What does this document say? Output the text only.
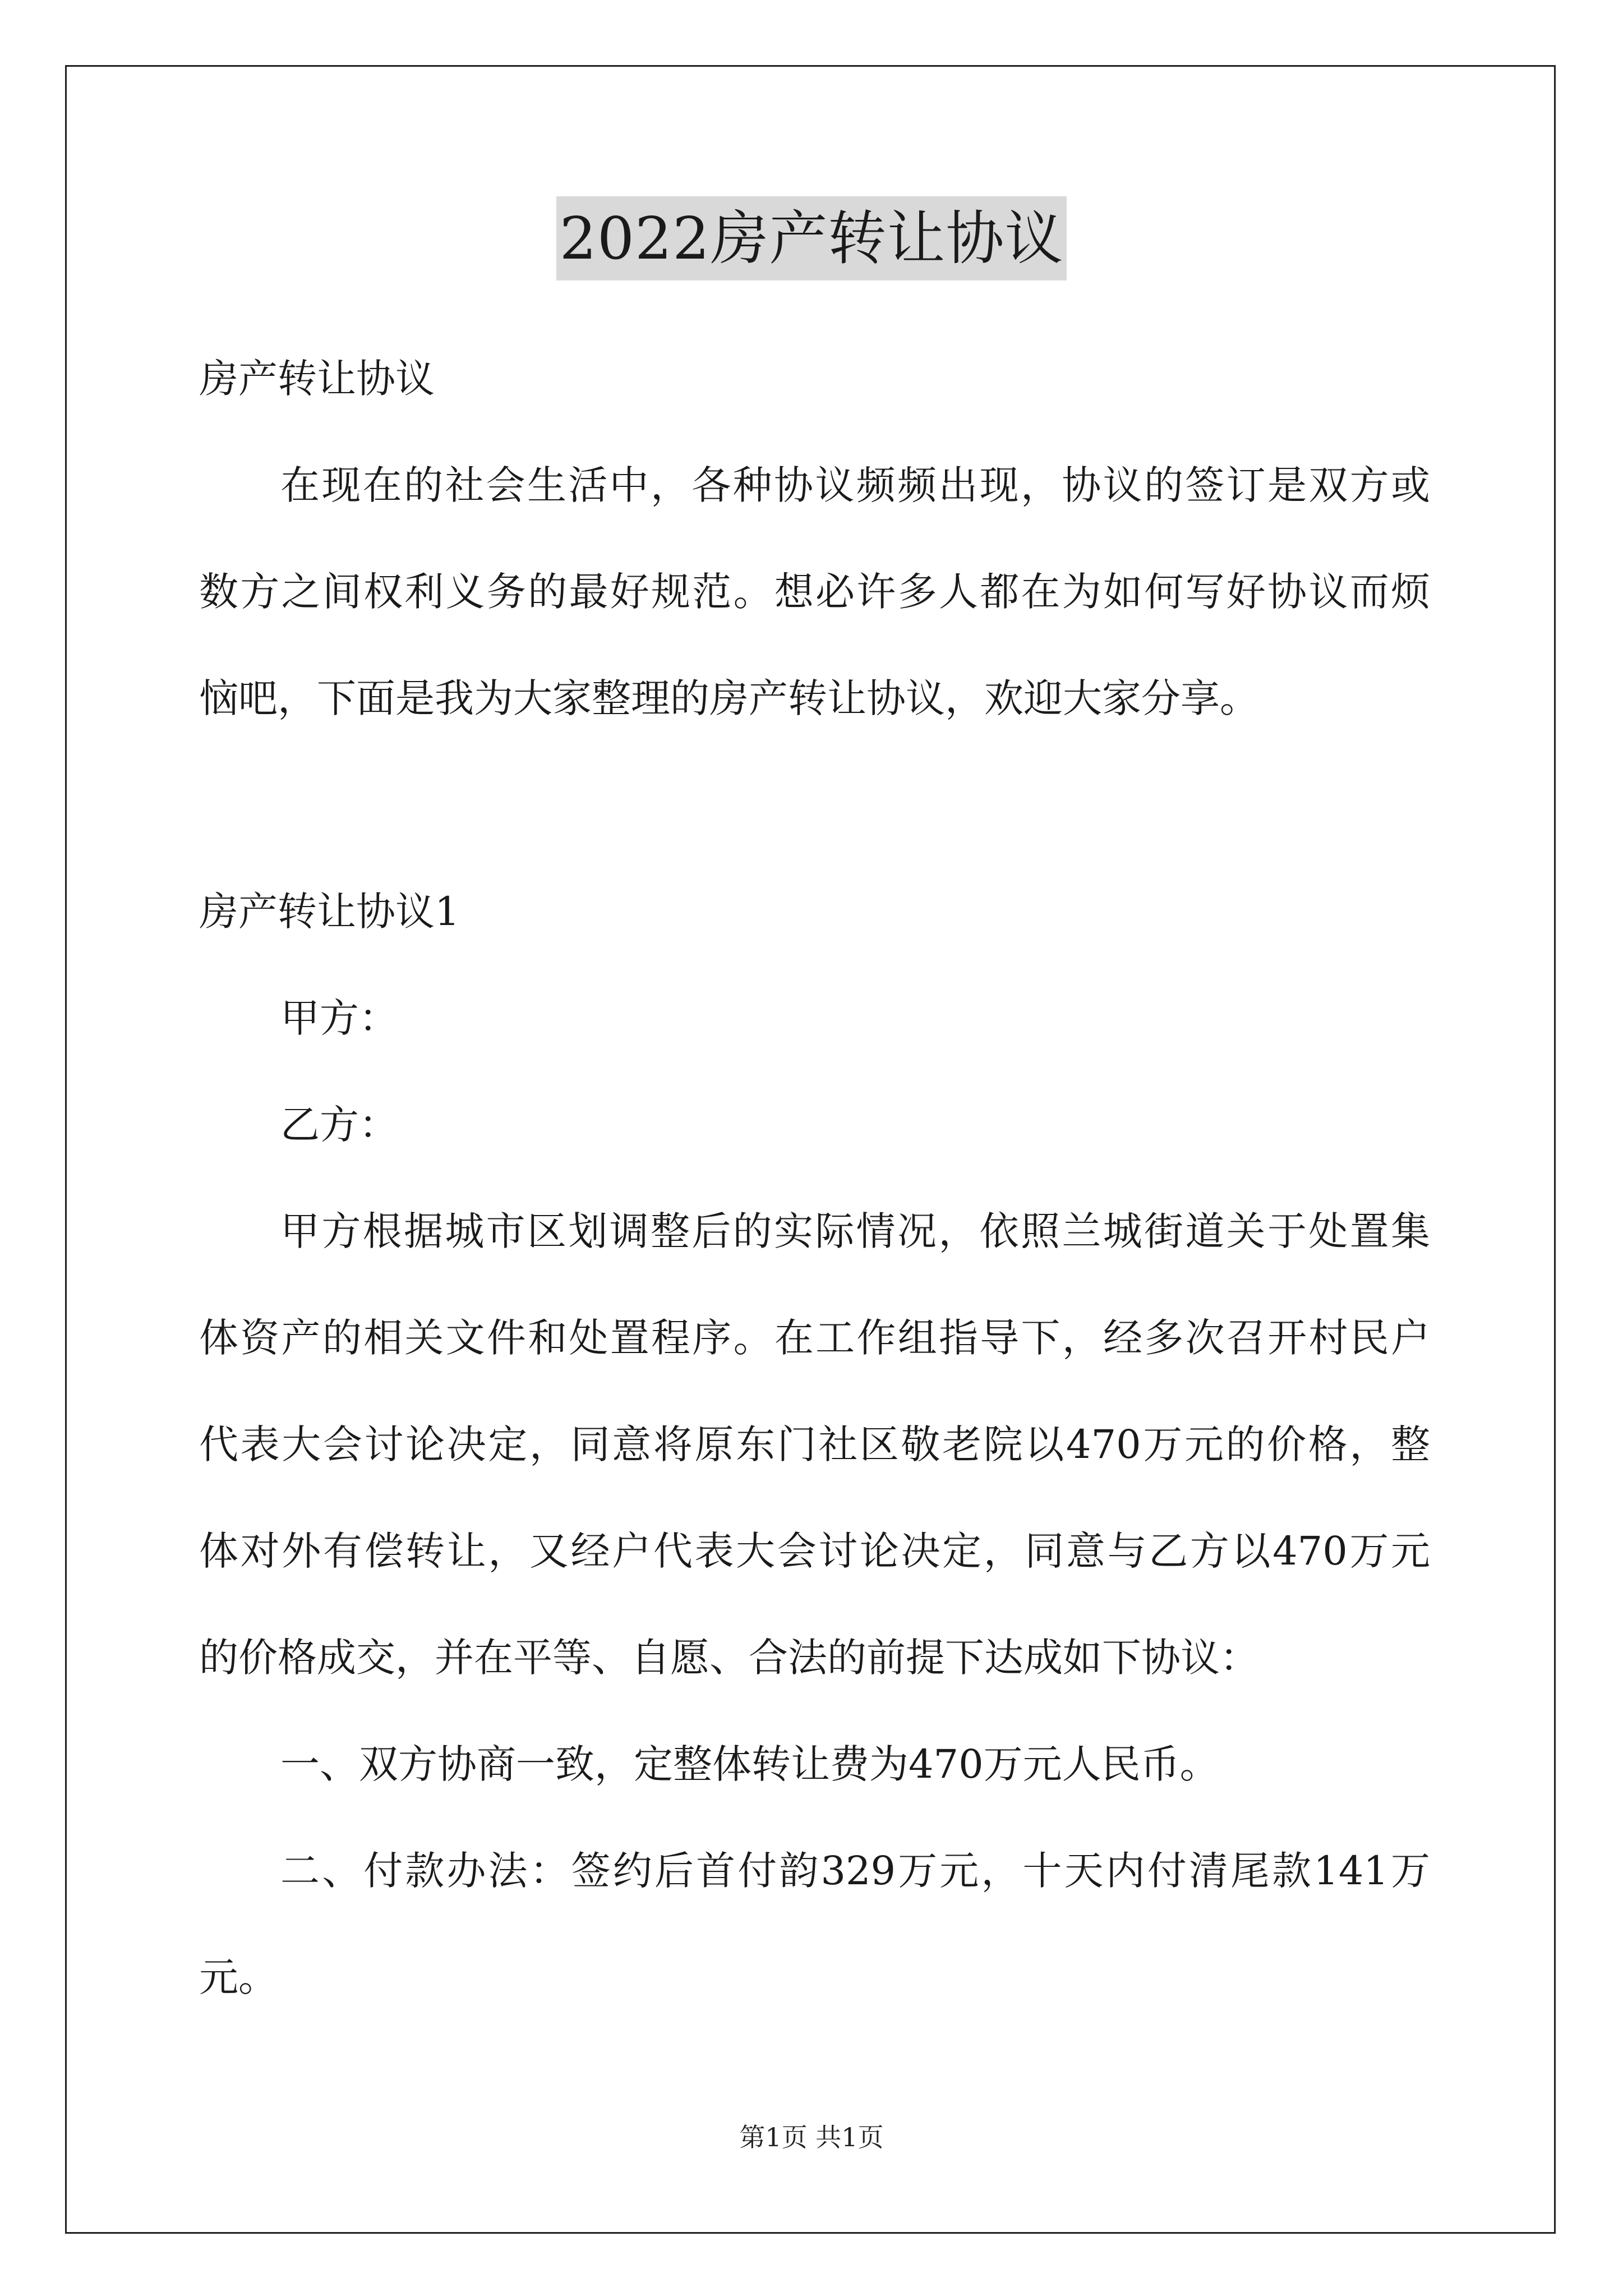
2022房产转让协议
房产转让协议
在现在的社会生活中，各种协议频频出现，协议的签订是双方或
数方之间权利义务的最好规范。想必许多人都在为如何写好协议而烦
恼吧，下面是我为大家整理的房产转让协议，欢迎大家分享。
房产转让协议1
甲方：
乙方：
甲方根据城市区划调整后的实际情况，依照兰城街道关于处置集
体资产的相关文件和处置程序。在工作组指导下，经多次召开村民户
代表大会讨论决定，同意将原东门社区敬老院以470万元的价格，整
体对外有偿转让，又经户代表大会讨论决定，同意与乙方以470万元
的价格成交，并在平等、自愿、合法的前提下达成如下协议：
一、双方协商一致，定整体转让费为470万元人民币。
二、付款办法：签约后首付韵329万元，十天内付清尾款141万
元。
第1页 共1页
